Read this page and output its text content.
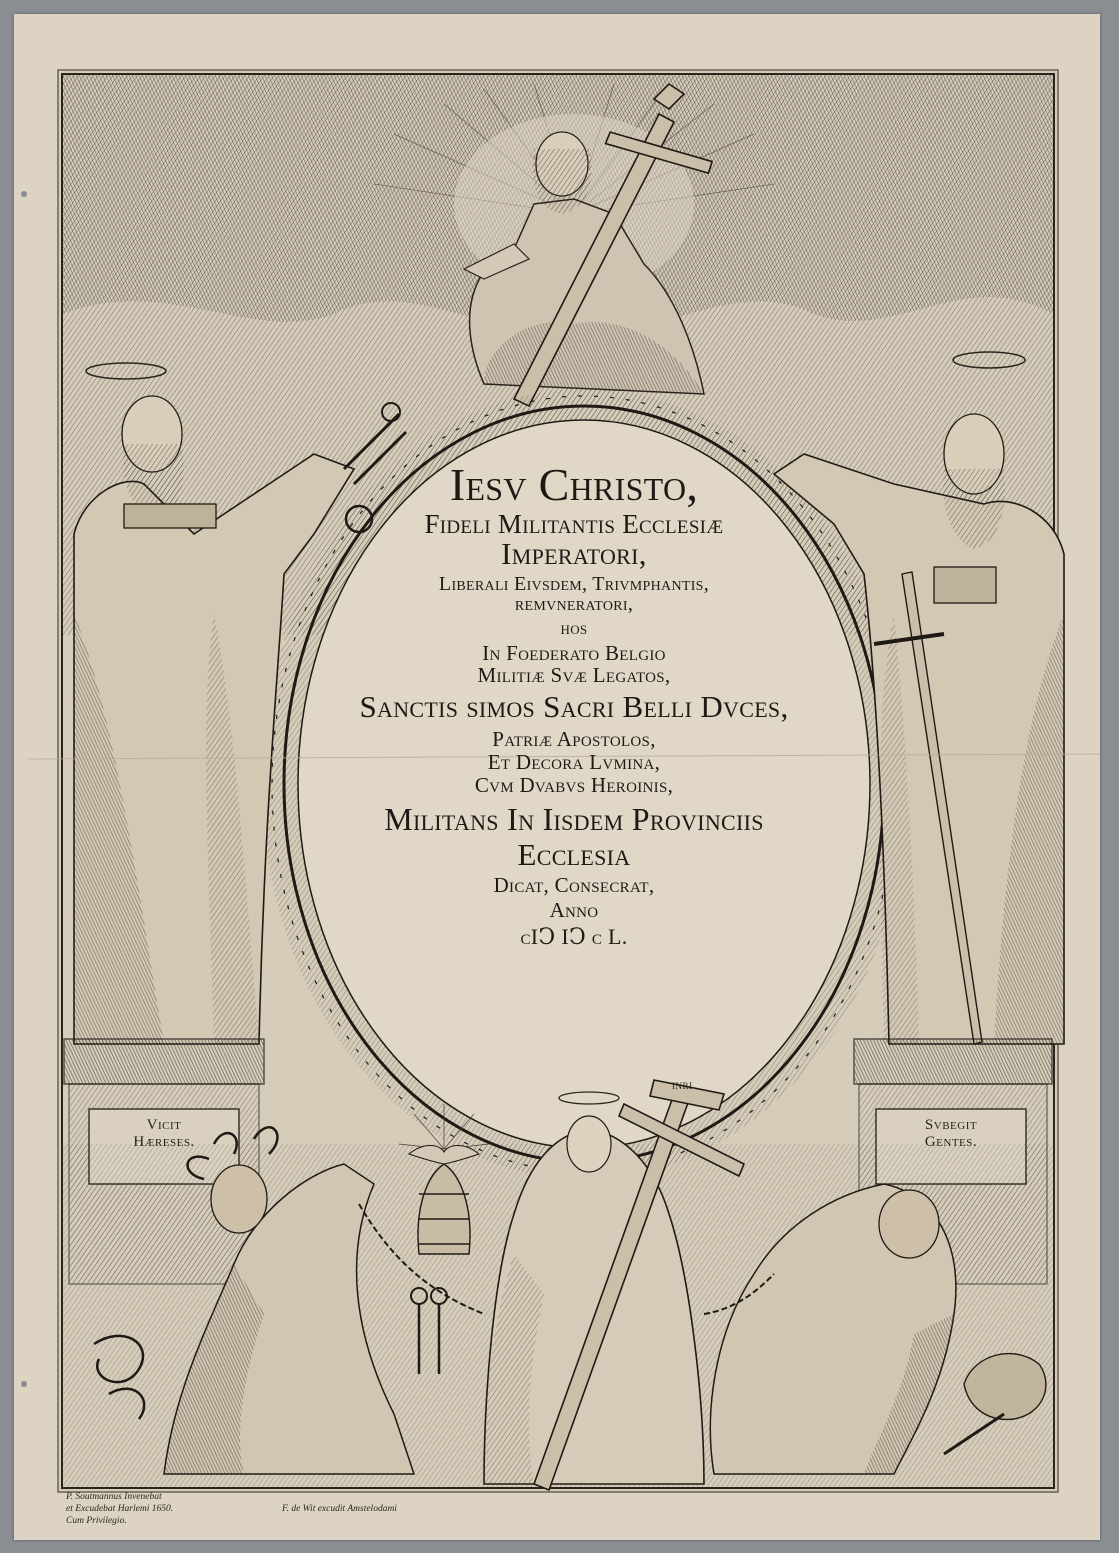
Iesv Christo,
Fideli Militantis Ecclesiæ
Imperatori,
Liberali Eivsdem, Trivmphantis,
remvneratori,
hos
In Foederato Belgio
Militiæ Svæ Legatos,
Sanctis simos Sacri Belli Dvces,
Patriæ Apostolos,
Et Decora Lvmina,
Cvm Dvabvs Heroinis,
Militans In Iisdem Provinciis
Ecclesia
Dicat, Consecrat,
Anno
cIↃ IↃ c L.
Vicit
Hæreses.
Svbegit
Gentes.
INRI
P. Soutmannus Invenebat
et Excudebat Harlemi 1650.
Cum Privilegio.
F. de Wit excudit Amstelodami
